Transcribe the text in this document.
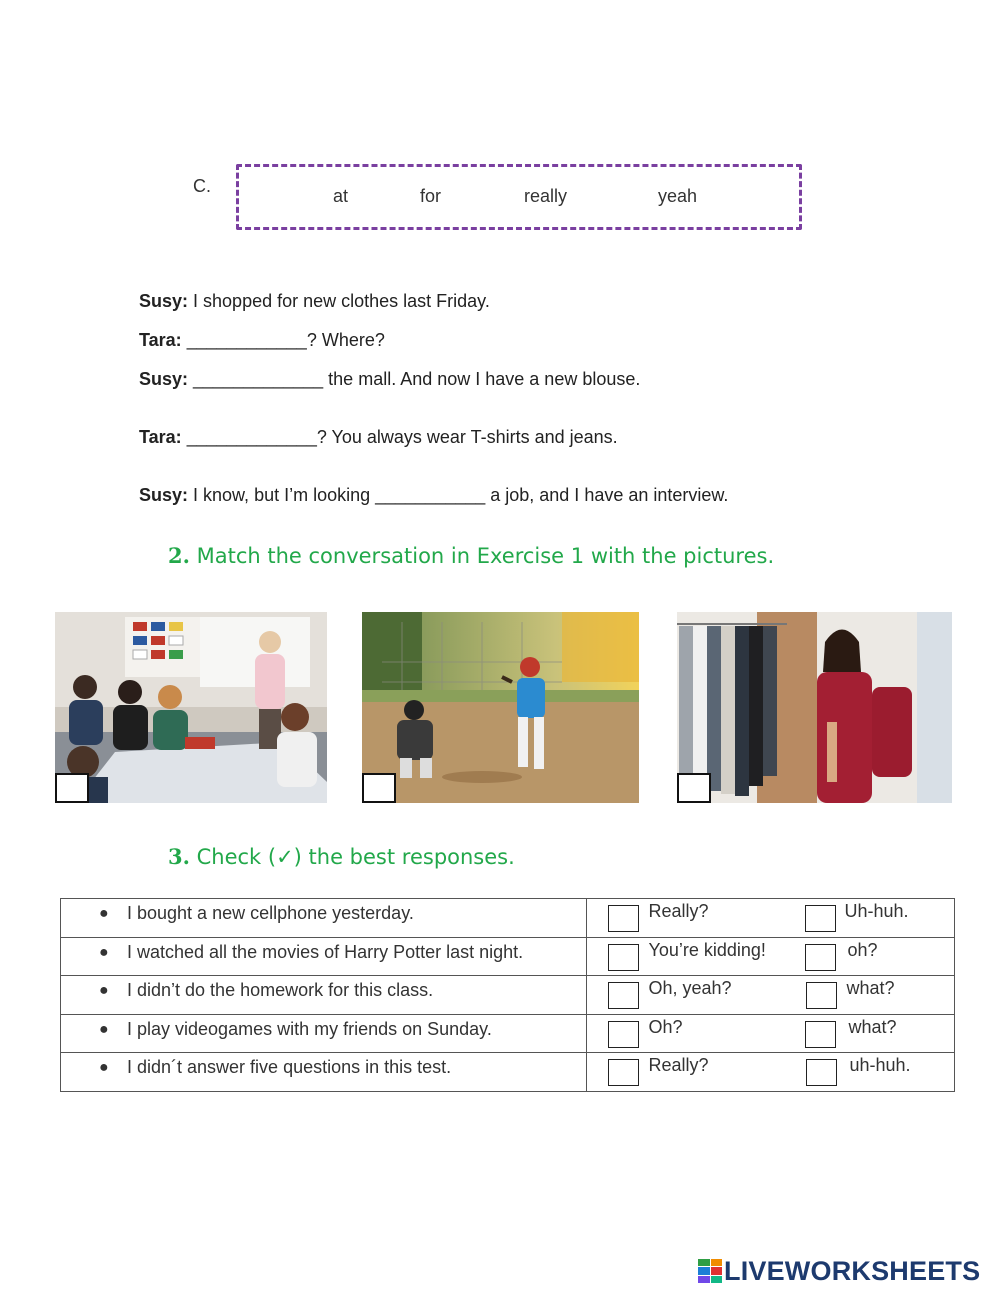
C.	at	for	really	yeah
Susy: I shopped for new clothes last Friday.
Tara: ____________? Where?
Susy: _____________ the mall. And now I have a new blouse.
Tara: _____________? You always wear T-shirts and jeans.
Susy: I know, but I’m looking ___________ a job, and I have an interview.
2. Match the conversation in Exercise 1 with the pictures.
3. Check (✓) the best responses.
● I bought a new cellphone yesterday.	Really? Uh-huh.

● I watched all the movies of Harry Potter last night.	You’re kidding! oh?

● I didn’t do the homework for this class.	Oh, yeah? what?

● I play videogames with my friends on Sunday.	Oh? what?

● I didn´t answer five questions in this test.	Really? uh-huh.
LIVEWORKSHEETS
